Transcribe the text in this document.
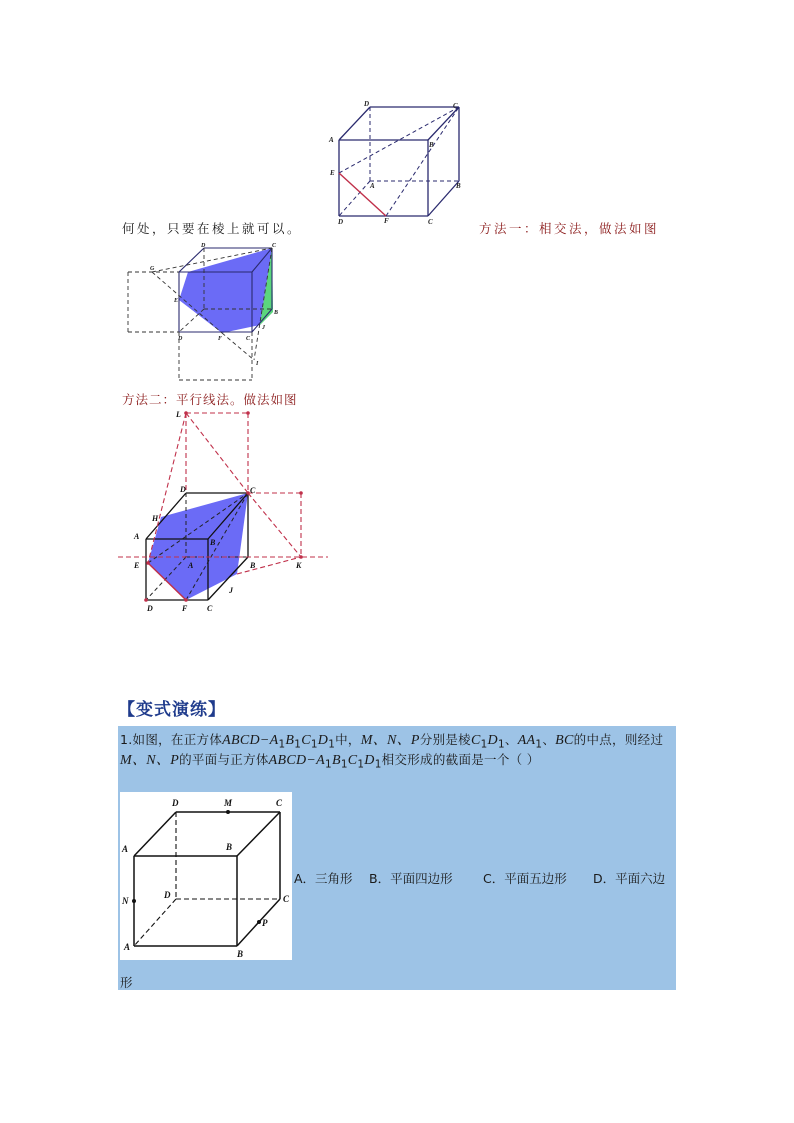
D	C
A
B
E
A	B
D	F	C
何处，只要在棱上就可以。	方法一：相交法，做法如图
G
D	C
E
D	F	C
B
J
I
方法二：平行线法。做法如图
L
D	C
H
A
B
E	A	B	K
D	F C
J
【变式演练】
1.如图，在正方体$ABCD-A_1B_1C_1D_1$中，M、N、P分别是棱$C_1D_1$、$AA_1$、BC的中点，则经过
M、N、P的平面与正方体$ABCD-A_1B_1C_1D_1$相交形成的截面是一个（ ）
D	M	C
A	B
N
D	C
P
A
B
A．三角形 B．平面四边形 C．平面五边形 D．平面六边
形
